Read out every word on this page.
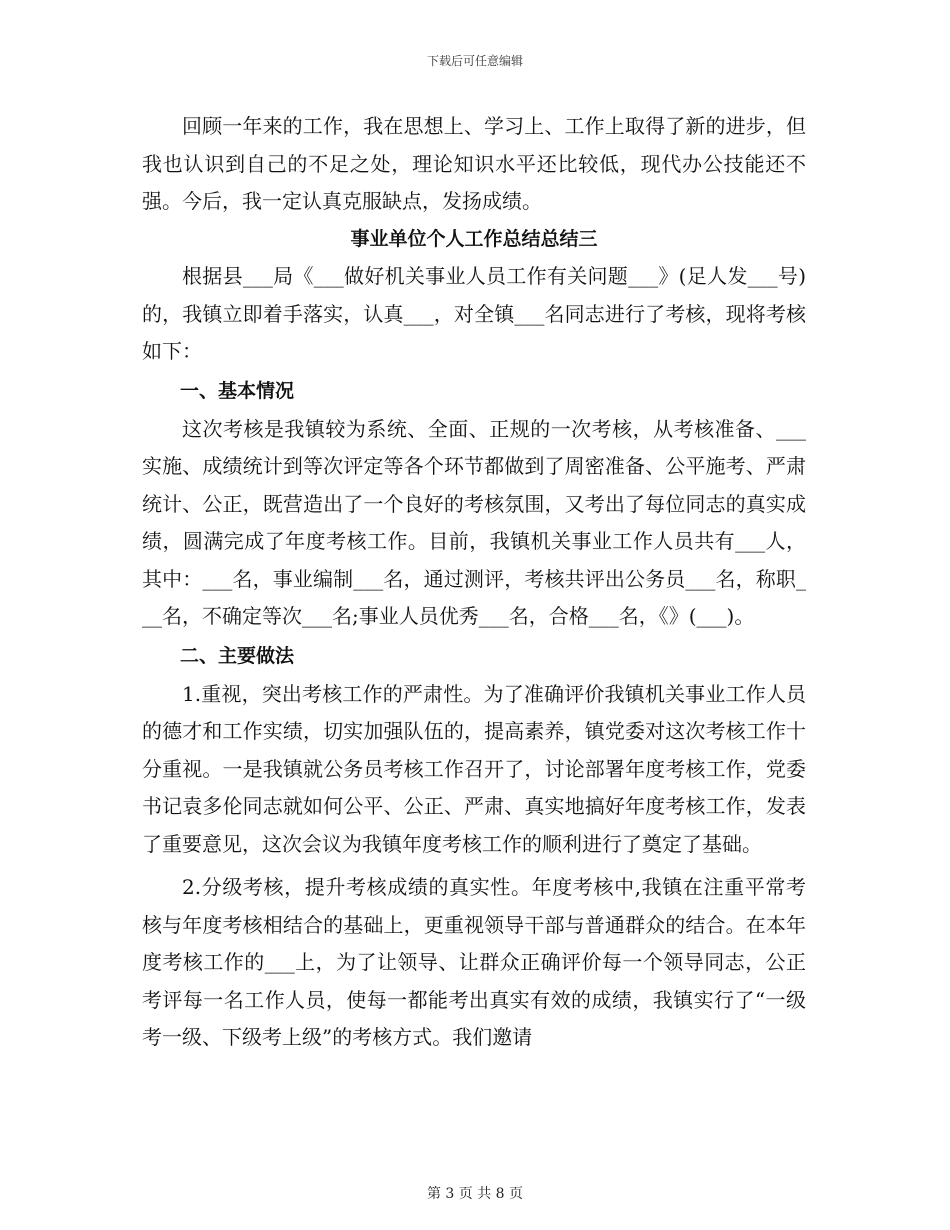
下载后可任意编辑

回顾一年来的工作，我在思想上、学习上、工作上取得了新的进步，但我也认识到自己的不足之处，理论知识水平还比较低，现代办公技能还不强。今后，我一定认真克服缺点，发扬成绩。

事业单位个人工作总结总结三

根据县___局《___做好机关事业人员工作有关问题___》(足人发___号)的，我镇立即着手落实，认真___，对全镇___名同志进行了考核，现将考核如下：

一、基本情况

这次考核是我镇较为系统、全面、正规的一次考核，从考核准备、___实施、成绩统计到等次评定等各个环节都做到了周密准备、公平施考、严肃统计、公正，既营造出了一个良好的考核氛围，又考出了每位同志的真实成绩，圆满完成了年度考核工作。目前，我镇机关事业工作人员共有___人，其中：___名，事业编制___名，通过测评，考核共评出公务员___名，称职___名，不确定等次___名;事业人员优秀___名，合格___名，《》(___)。

二、主要做法

1.重视，突出考核工作的严肃性。为了准确评价我镇机关事业工作人员的德才和工作实绩，切实加强队伍的，提高素养，镇党委对这次考核工作十分重视。一是我镇就公务员考核工作召开了，讨论部署年度考核工作，党委书记袁多伦同志就如何公平、公正、严肃、真实地搞好年度考核工作，发表了重要意见，这次会议为我镇年度考核工作的顺利进行了奠定了基础。

2.分级考核，提升考核成绩的真实性。年度考核中,我镇在注重平常考核与年度考核相结合的基础上，更重视领导干部与普通群众的结合。在本年度考核工作的___上，为了让领导、让群众正确评价每一个领导同志，公正考评每一名工作人员，使每一都能考出真实有效的成绩，我镇实行了“一级考一级、下级考上级”的考核方式。我们邀请

第 3 页 共 8 页
